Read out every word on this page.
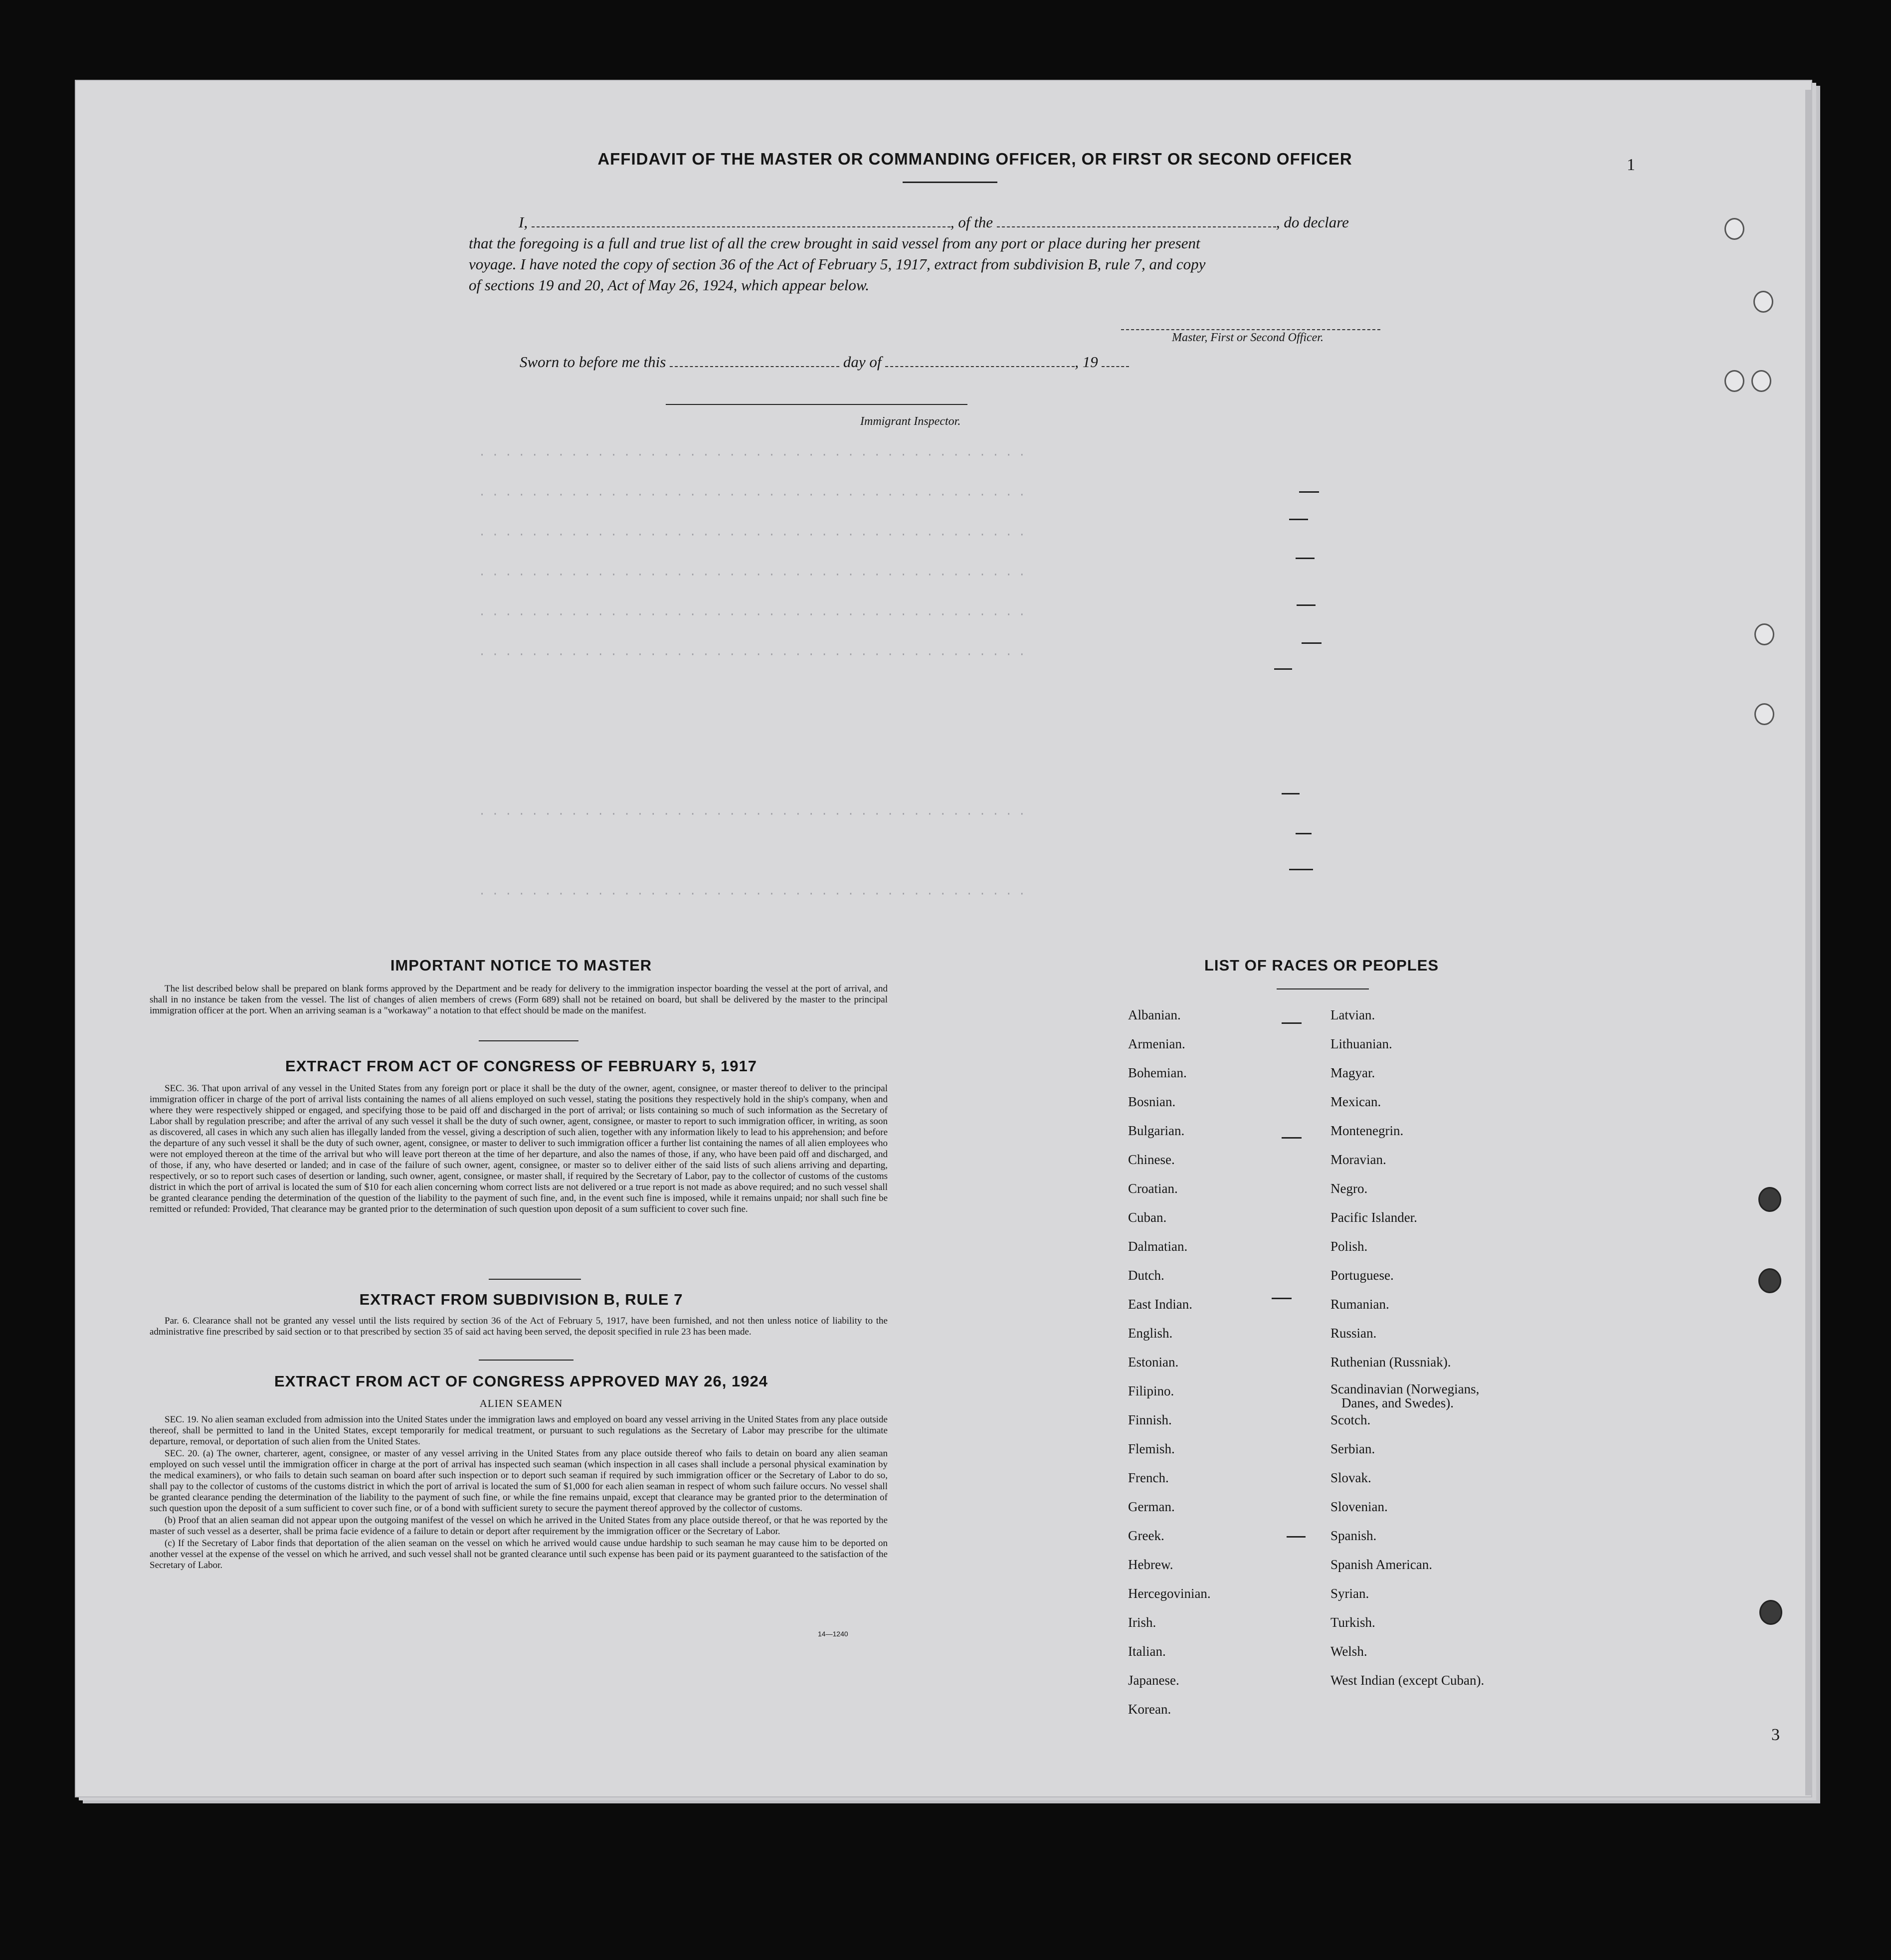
1
3
· · · · · · · · · · · · · · · · · · · · · · · · · · · · · · · · · · · · · · · · · ·
· · · · · · · · · · · · · · · · · · · · · · · · · · · · · · · · · · · · · · · · · ·
· · · · · · · · · · · · · · · · · · · · · · · · · · · · · · · · · · · · · · · · · ·
· · · · · · · · · · · · · · · · · · · · · · · · · · · · · · · · · · · · · · · · · ·
· · · · · · · · · · · · · · · · · · · · · · · · · · · · · · · · · · · · · · · · · ·
· · · · · · · · · · · · · · · · · · · · · · · · · · · · · · · · · · · · · · · · · ·
· · · · · · · · · · · · · · · · · · · · · · · · · · · · · · · · · · · · · · · · · ·
· · · · · · · · · · · · · · · · · · · · · · · · · · · · · · · · · · · · · · · · · ·
AFFIDAVIT OF THE MASTER OR COMMANDING OFFICER, OR FIRST OR SECOND OFFICER
I,	, of the	, do declare
that the foregoing is a full and true list of all the crew brought in said vessel from any port or place during her present
voyage. I have noted the copy of section 36 of the Act of February 5, 1917, extract from subdivision B, rule 7, and copy
of sections 19 and 20, Act of May 26, 1924, which appear below.
Master, First or Second Officer.
Sworn to before me this	day of	, 19
Immigrant Inspector.
IMPORTANT NOTICE TO MASTER

The list described below shall be prepared on blank forms approved by the Department and be ready for delivery to the immigration inspector boarding the vessel at the port of arrival, and shall in no instance be taken from the vessel. The list of changes of alien members of crews (Form 689) shall not be retained on board, but shall be delivered by the master to the principal immigration officer at the port. When an arriving seaman is a "workaway" a notation to that effect should be made on the manifest.

EXTRACT FROM ACT OF CONGRESS OF FEBRUARY 5, 1917

SEC. 36. That upon arrival of any vessel in the United States from any foreign port or place it shall be the duty of the owner, agent, consignee, or master thereof to deliver to the principal immigration officer in charge of the port of arrival lists containing the names of all aliens employed on such vessel, stating the positions they respectively hold in the ship's company, when and where they were respectively shipped or engaged, and specifying those to be paid off and discharged in the port of arrival; or lists containing so much of such information as the Secretary of Labor shall by regulation prescribe; and after the arrival of any such vessel it shall be the duty of such owner, agent, consignee, or master to report to such immigration officer, in writing, as soon as discovered, all cases in which any such alien has illegally landed from the vessel, giving a description of such alien, together with any information likely to lead to his apprehension; and before the departure of any such vessel it shall be the duty of such owner, agent, consignee, or master to deliver to such immigration officer a further list containing the names of all alien employees who were not employed thereon at the time of the arrival but who will leave port thereon at the time of her departure, and also the names of those, if any, who have been paid off and discharged, and of those, if any, who have deserted or landed; and in case of the failure of such owner, agent, consignee, or master so to deliver either of the said lists of such aliens arriving and departing, respectively, or so to report such cases of desertion or landing, such owner, agent, consignee, or master shall, if required by the Secretary of Labor, pay to the collector of customs of the customs district in which the port of arrival is located the sum of $10 for each alien concerning whom correct lists are not delivered or a true report is not made as above required; and no such vessel shall be granted clearance pending the determination of the question of the liability to the payment of such fine, and, in the event such fine is imposed, while it remains unpaid; nor shall such fine be remitted or refunded: Provided, That clearance may be granted prior to the determination of such question upon deposit of a sum sufficient to cover such fine.

EXTRACT FROM SUBDIVISION B, RULE 7

Par. 6. Clearance shall not be granted any vessel until the lists required by section 36 of the Act of February 5, 1917, have been furnished, and not then unless notice of liability to the administrative fine prescribed by said section or to that prescribed by section 35 of said act having been served, the deposit specified in rule 23 has been made.

EXTRACT FROM ACT OF CONGRESS APPROVED MAY 26, 1924
ALIEN SEAMEN

SEC. 19. No alien seaman excluded from admission into the United States under the immigration laws and employed on board any vessel arriving in the United States from any place outside thereof, shall be permitted to land in the United States, except temporarily for medical treatment, or pursuant to such regulations as the Secretary of Labor may prescribe for the ultimate departure, removal, or deportation of such alien from the United States.

SEC. 20. (a) The owner, charterer, agent, consignee, or master of any vessel arriving in the United States from any place outside thereof who fails to detain on board any alien seaman employed on such vessel until the immigration officer in charge at the port of arrival has inspected such seaman (which inspection in all cases shall include a personal physical examination by the medical examiners), or who fails to detain such seaman on board after such inspection or to deport such seaman if required by such immigration officer or the Secretary of Labor to do so, shall pay to the collector of customs of the customs district in which the port of arrival is located the sum of $1,000 for each alien seaman in respect of whom such failure occurs. No vessel shall be granted clearance pending the determination of the liability to the payment of such fine, or while the fine remains unpaid, except that clearance may be granted prior to the determination of such question upon the deposit of a sum sufficient to cover such fine, or of a bond with sufficient surety to secure the payment thereof approved by the collector of customs.

(b) Proof that an alien seaman did not appear upon the outgoing manifest of the vessel on which he arrived in the United States from any place outside thereof, or that he was reported by the master of such vessel as a deserter, shall be prima facie evidence of a failure to detain or deport after requirement by the immigration officer or the Secretary of Labor.

(c) If the Secretary of Labor finds that deportation of the alien seaman on the vessel on which he arrived would cause undue hardship to such seaman he may cause him to be deported on another vessel at the expense of the vessel on which he arrived, and such vessel shall not be granted clearance until such expense has been paid or its payment guaranteed to the satisfaction of the Secretary of Labor.

14—1240
LIST OF RACES OR PEOPLES
Albanian.
Armenian.
Bohemian.
Bosnian.
Bulgarian.
Chinese.
Croatian.
Cuban.
Dalmatian.
Dutch.
East Indian.
English.
Estonian.
Filipino.
Finnish.
Flemish.
French.
German.
Greek.
Hebrew.
Hercegovinian.
Irish.
Italian.
Japanese.
Korean.
Latvian.
Lithuanian.
Magyar.
Mexican.
Montenegrin.
Moravian.
Negro.
Pacific Islander.
Polish.
Portuguese.
Rumanian.
Russian.
Ruthenian (Russniak).
Scandinavian (Norwegians,
Danes, and Swedes).
Scotch.
Serbian.
Slovak.
Slovenian.
Spanish.
Spanish American.
Syrian.
Turkish.
Welsh.
West Indian (except Cuban).
